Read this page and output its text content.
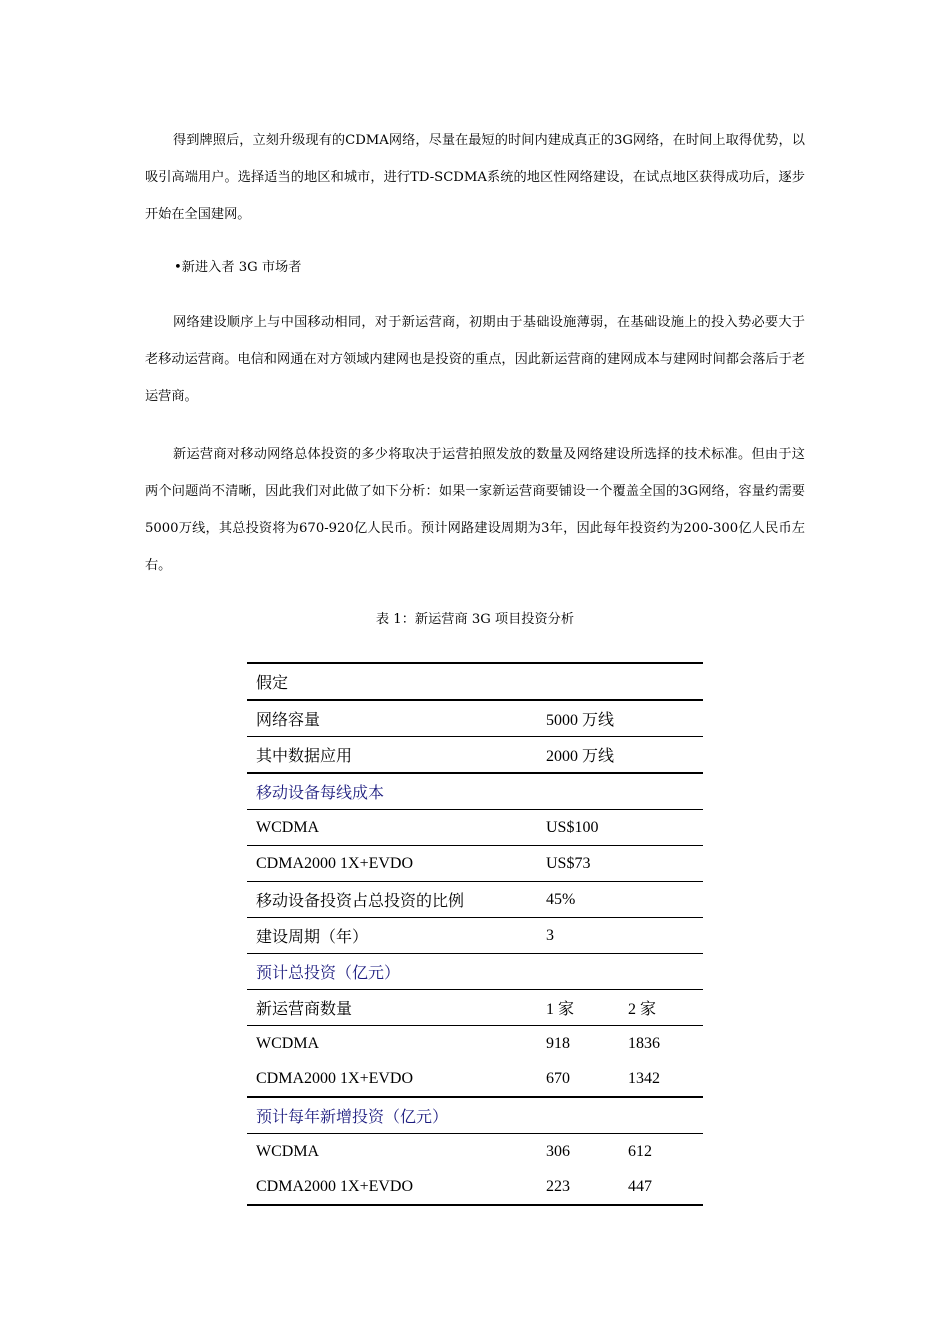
得到牌照后，立刻升级现有的CDMA网络，尽量在最短的时间内建成真正的3G网络，在时间上取得优势，以吸引高端用户。选择适当的地区和城市，进行TD-SCDMA系统的地区性网络建设，在试点地区获得成功后，逐步开始在全国建网。

•新进入者 3G 市场者

网络建设顺序上与中国移动相同，对于新运营商，初期由于基础设施薄弱，在基础设施上的投入势必要大于老移动运营商。电信和网通在对方领域内建网也是投资的重点，因此新运营商的建网成本与建网时间都会落后于老运营商。

新运营商对移动网络总体投资的多少将取决于运营拍照发放的数量及网络建设所选择的技术标准。但由于这两个问题尚不清晰，因此我们对此做了如下分析：如果一家新运营商要铺设一个覆盖全国的3G网络，容量约需要5000万线，其总投资将为670-920亿人民币。预计网路建设周期为3年，因此每年投资约为200-300亿人民币左右。

表 1：新运营商 3G 项目投资分析
假定		
网络容量	5000 万线	
其中数据应用	2000 万线	
移动设备每线成本		
WCDMA	US$100	
CDMA2000 1X+EVDO	US$73	
移动设备投资占总投资的比例	45%	
建设周期（年）	3	
预计总投资（亿元）		
新运营商数量	1 家	2 家
WCDMA	918	1836
CDMA2000 1X+EVDO	670	1342
预计每年新增投资（亿元）		
WCDMA	306	612
CDMA2000 1X+EVDO	223	447
